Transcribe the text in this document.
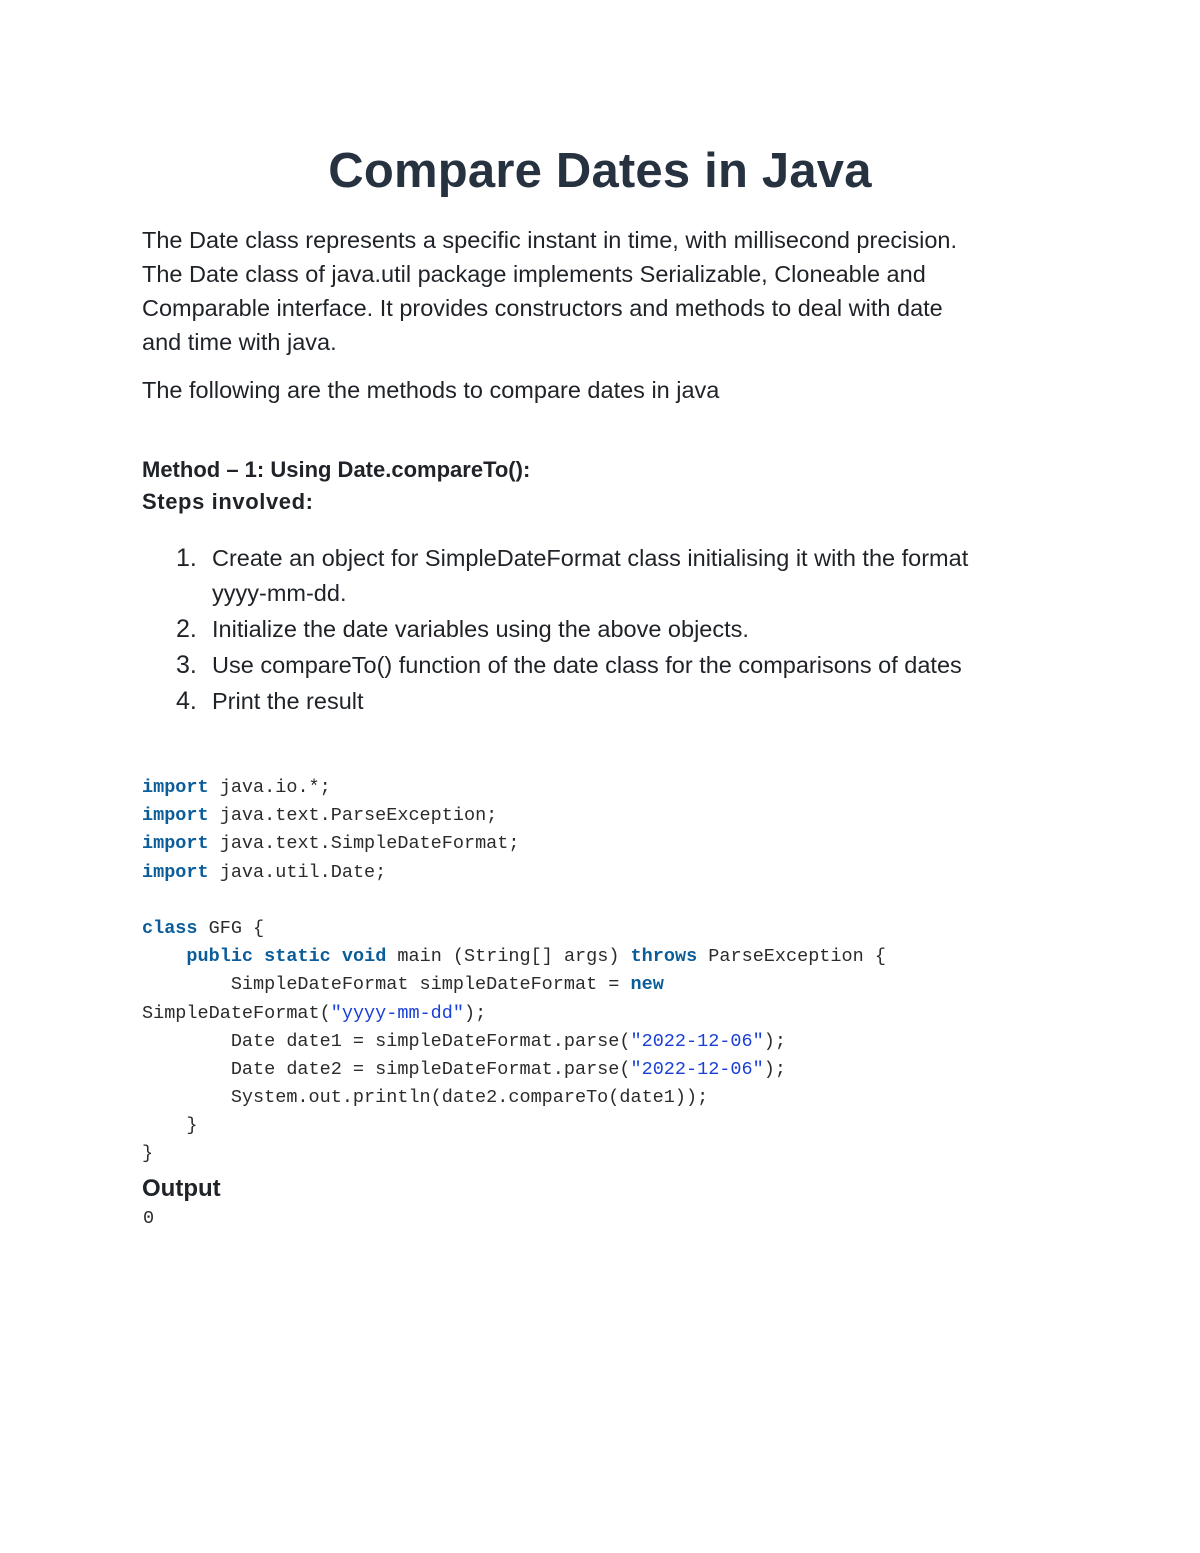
Compare Dates in Java
The Date class represents a specific instant in time, with millisecond precision.
The Date class of java.util package implements Serializable, Cloneable and
Comparable interface. It provides constructors and methods to deal with date
and time with java.
The following are the methods to compare dates in java
Method – 1: Using Date.compareTo():
Steps involved:
1. Create an object for SimpleDateFormat class initialising it with the format
yyyy-mm-dd.
2. Initialize the date variables using the above objects.
3. Use compareTo() function of the date class for the comparisons of dates
4. Print the result
import java.io.*;
import java.text.ParseException;
import java.text.SimpleDateFormat;
import java.util.Date;
class GFG {
public static void main (String[] args) throws ParseException {
SimpleDateFormat simpleDateFormat = new
SimpleDateFormat("yyyy-mm-dd");
Date date1 = simpleDateFormat.parse("2022-12-06");
Date date2 = simpleDateFormat.parse("2022-12-06");
System.out.println(date2.compareTo(date1));
}
}
Output
0
